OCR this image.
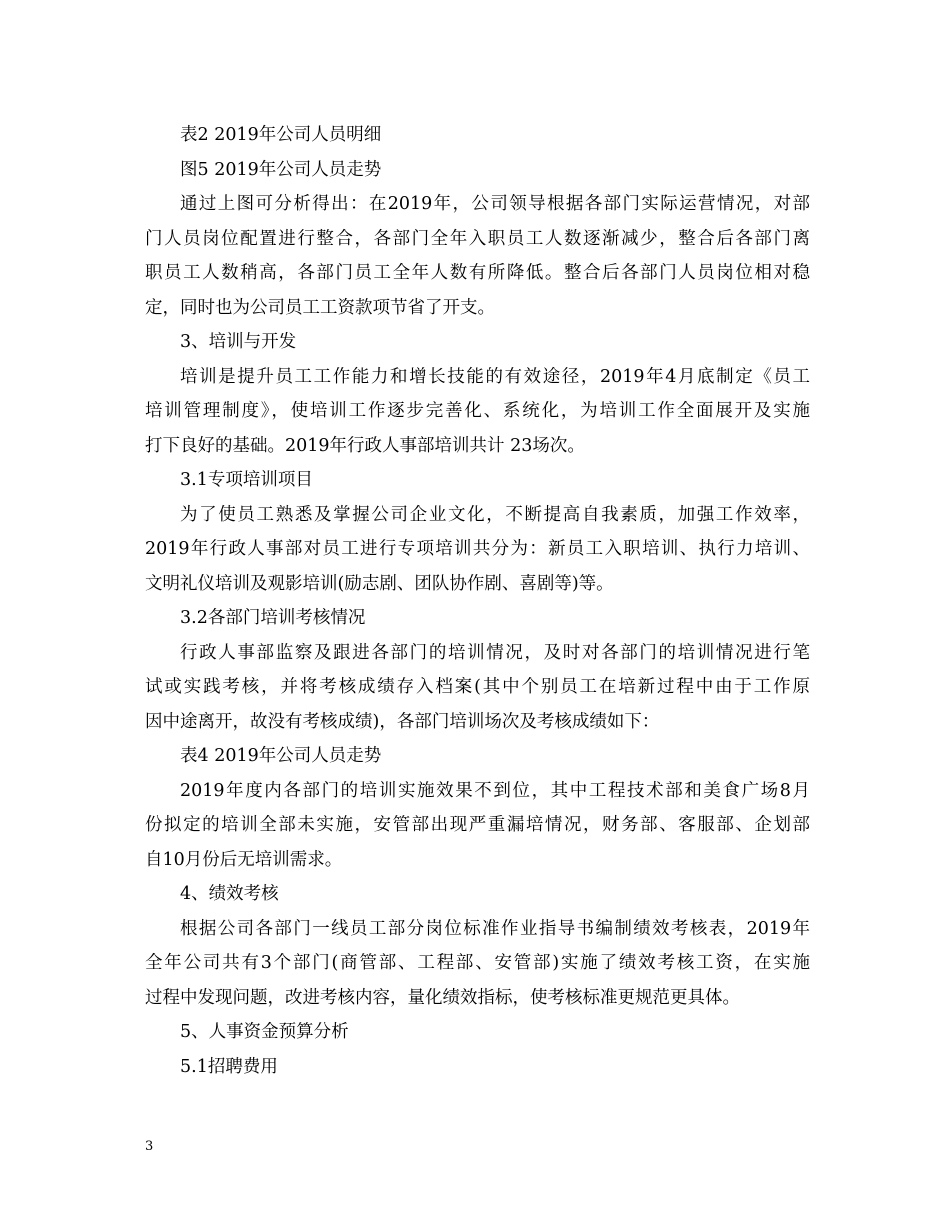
表2 2019年公司人员明细
图5 2019年公司人员走势
通过上图可分析得出：在2019年，公司领导根据各部门实际运营情况，对部
门人员岗位配置进行整合，各部门全年入职员工人数逐渐减少，整合后各部门离
职员工人数稍高，各部门员工全年人数有所降低。整合后各部门人员岗位相对稳
定，同时也为公司员工工资款项节省了开支。
3、培训与开发
培训是提升员工工作能力和增长技能的有效途径，2019年4月底制定《员工
培训管理制度》，使培训工作逐步完善化、系统化，为培训工作全面展开及实施
打下良好的基础。2019年行政人事部培训共计 23场次。
3.1专项培训项目
为了使员工熟悉及掌握公司企业文化，不断提高自我素质，加强工作效率，
2019年行政人事部对员工进行专项培训共分为：新员工入职培训、执行力培训、
文明礼仪培训及观影培训(励志剧、团队协作剧、喜剧等)等。
3.2各部门培训考核情况
行政人事部监察及跟进各部门的培训情况，及时对各部门的培训情况进行笔
试或实践考核，并将考核成绩存入档案(其中个别员工在培新过程中由于工作原
因中途离开，故没有考核成绩)，各部门培训场次及考核成绩如下：
表4 2019年公司人员走势
2019年度内各部门的培训实施效果不到位，其中工程技术部和美食广场8月
份拟定的培训全部未实施，安管部出现严重漏培情况，财务部、客服部、企划部
自10月份后无培训需求。
4、绩效考核
根据公司各部门一线员工部分岗位标准作业指导书编制绩效考核表，2019年
全年公司共有3个部门(商管部、工程部、安管部)实施了绩效考核工资，在实施
过程中发现问题，改进考核内容，量化绩效指标，使考核标准更规范更具体。
5、人事资金预算分析
5.1招聘费用
3
